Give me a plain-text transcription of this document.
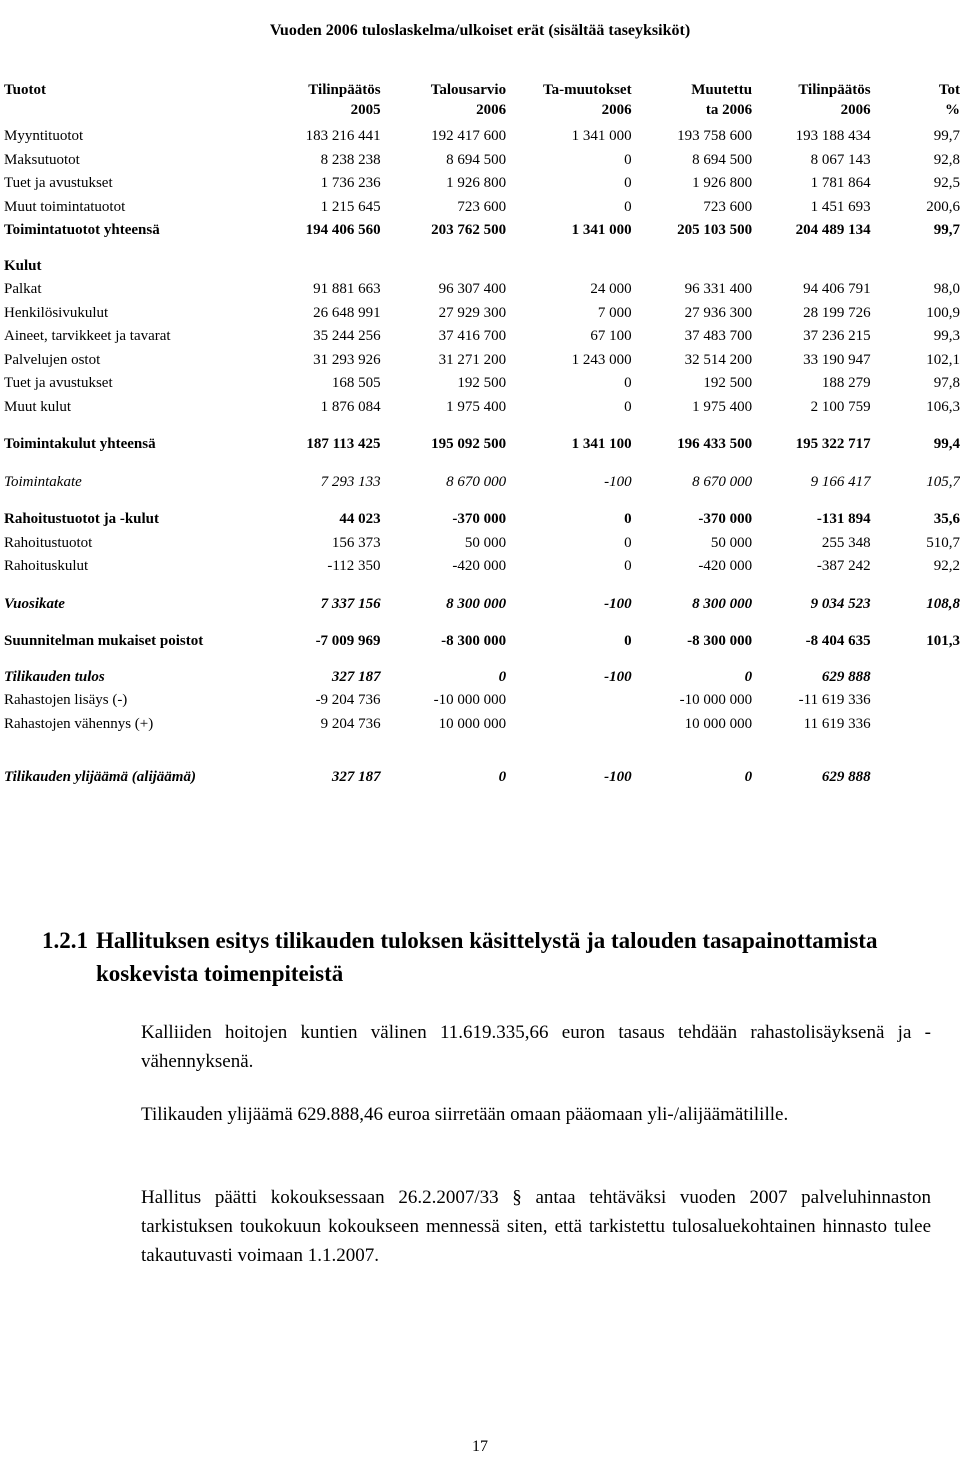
Vuoden 2006 tuloslaskelma/ulkoiset erät (sisältää taseyksiköt)
Tuotot	Tilinpäätös	Talousarvio	Ta-muutokset	Muutettu	Tilinpäätös	Tot
	2005	2006	2006	ta 2006	2006	%
Myyntituotot	183 216 441	192 417 600	1 341 000	193 758 600	193 188 434	99,7
Maksutuotot	8 238 238	8 694 500	0	8 694 500	8 067 143	92,8
Tuet ja avustukset	1 736 236	1 926 800	0	1 926 800	1 781 864	92,5
Muut toimintatuotot	1 215 645	723 600	0	723 600	1 451 693	200,6
Toimintatuotot yhteensä	194 406 560	203 762 500	1 341 000	205 103 500	204 489 134	99,7

Kulut						
Palkat	91 881 663	96 307 400	24 000	96 331 400	94 406 791	98,0
Henkilösivukulut	26 648 991	27 929 300	7 000	27 936 300	28 199 726	100,9
Aineet, tarvikkeet ja tavarat	35 244 256	37 416 700	67 100	37 483 700	37 236 215	99,3
Palvelujen ostot	31 293 926	31 271 200	1 243 000	32 514 200	33 190 947	102,1
Tuet ja avustukset	168 505	192 500	0	192 500	188 279	97,8
Muut kulut	1 876 084	1 975 400	0	1 975 400	2 100 759	106,3

Toimintakulut yhteensä	187 113 425	195 092 500	1 341 100	196 433 500	195 322 717	99,4

Toimintakate	7 293 133	8 670 000	-100	8 670 000	9 166 417	105,7

Rahoitustuotot ja -kulut	44 023	-370 000	0	-370 000	-131 894	35,6
Rahoitustuotot	156 373	50 000	0	50 000	255 348	510,7
Rahoituskulut	-112 350	-420 000	0	-420 000	-387 242	92,2

Vuosikate	7 337 156	8 300 000	-100	8 300 000	9 034 523	108,8

Suunnitelman mukaiset poistot	-7 009 969	-8 300 000	0	-8 300 000	-8 404 635	101,3

Tilikauden tulos	327 187	0	-100	0	629 888	
Rahastojen lisäys (-)	-9 204 736	-10 000 000		-10 000 000	-11 619 336	
Rahastojen vähennys (+)	9 204 736	10 000 000		10 000 000	11 619 336	

Tilikauden ylijäämä (alijäämä)	327 187	0	-100	0	629 888	
1.2.1 Hallituksen esitys tilikauden tuloksen käsittelystä ja talouden tasapainottamista koskevista toimenpiteistä
Kalliiden hoitojen kuntien välinen 11.619.335,66 euron tasaus tehdään rahastolisäyksenä ja -vähennyksenä.
Tilikauden ylijäämä 629.888,46 euroa siirretään omaan pääomaan yli-/alijäämätilille.
Hallitus päätti kokouksessaan 26.2.2007/33 § antaa tehtäväksi vuoden 2007 palveluhinnaston tarkistuksen toukokuun kokoukseen mennessä siten, että tarkistettu tulosaluekohtainen hinnasto tulee takautuvasti voimaan 1.1.2007.
17
